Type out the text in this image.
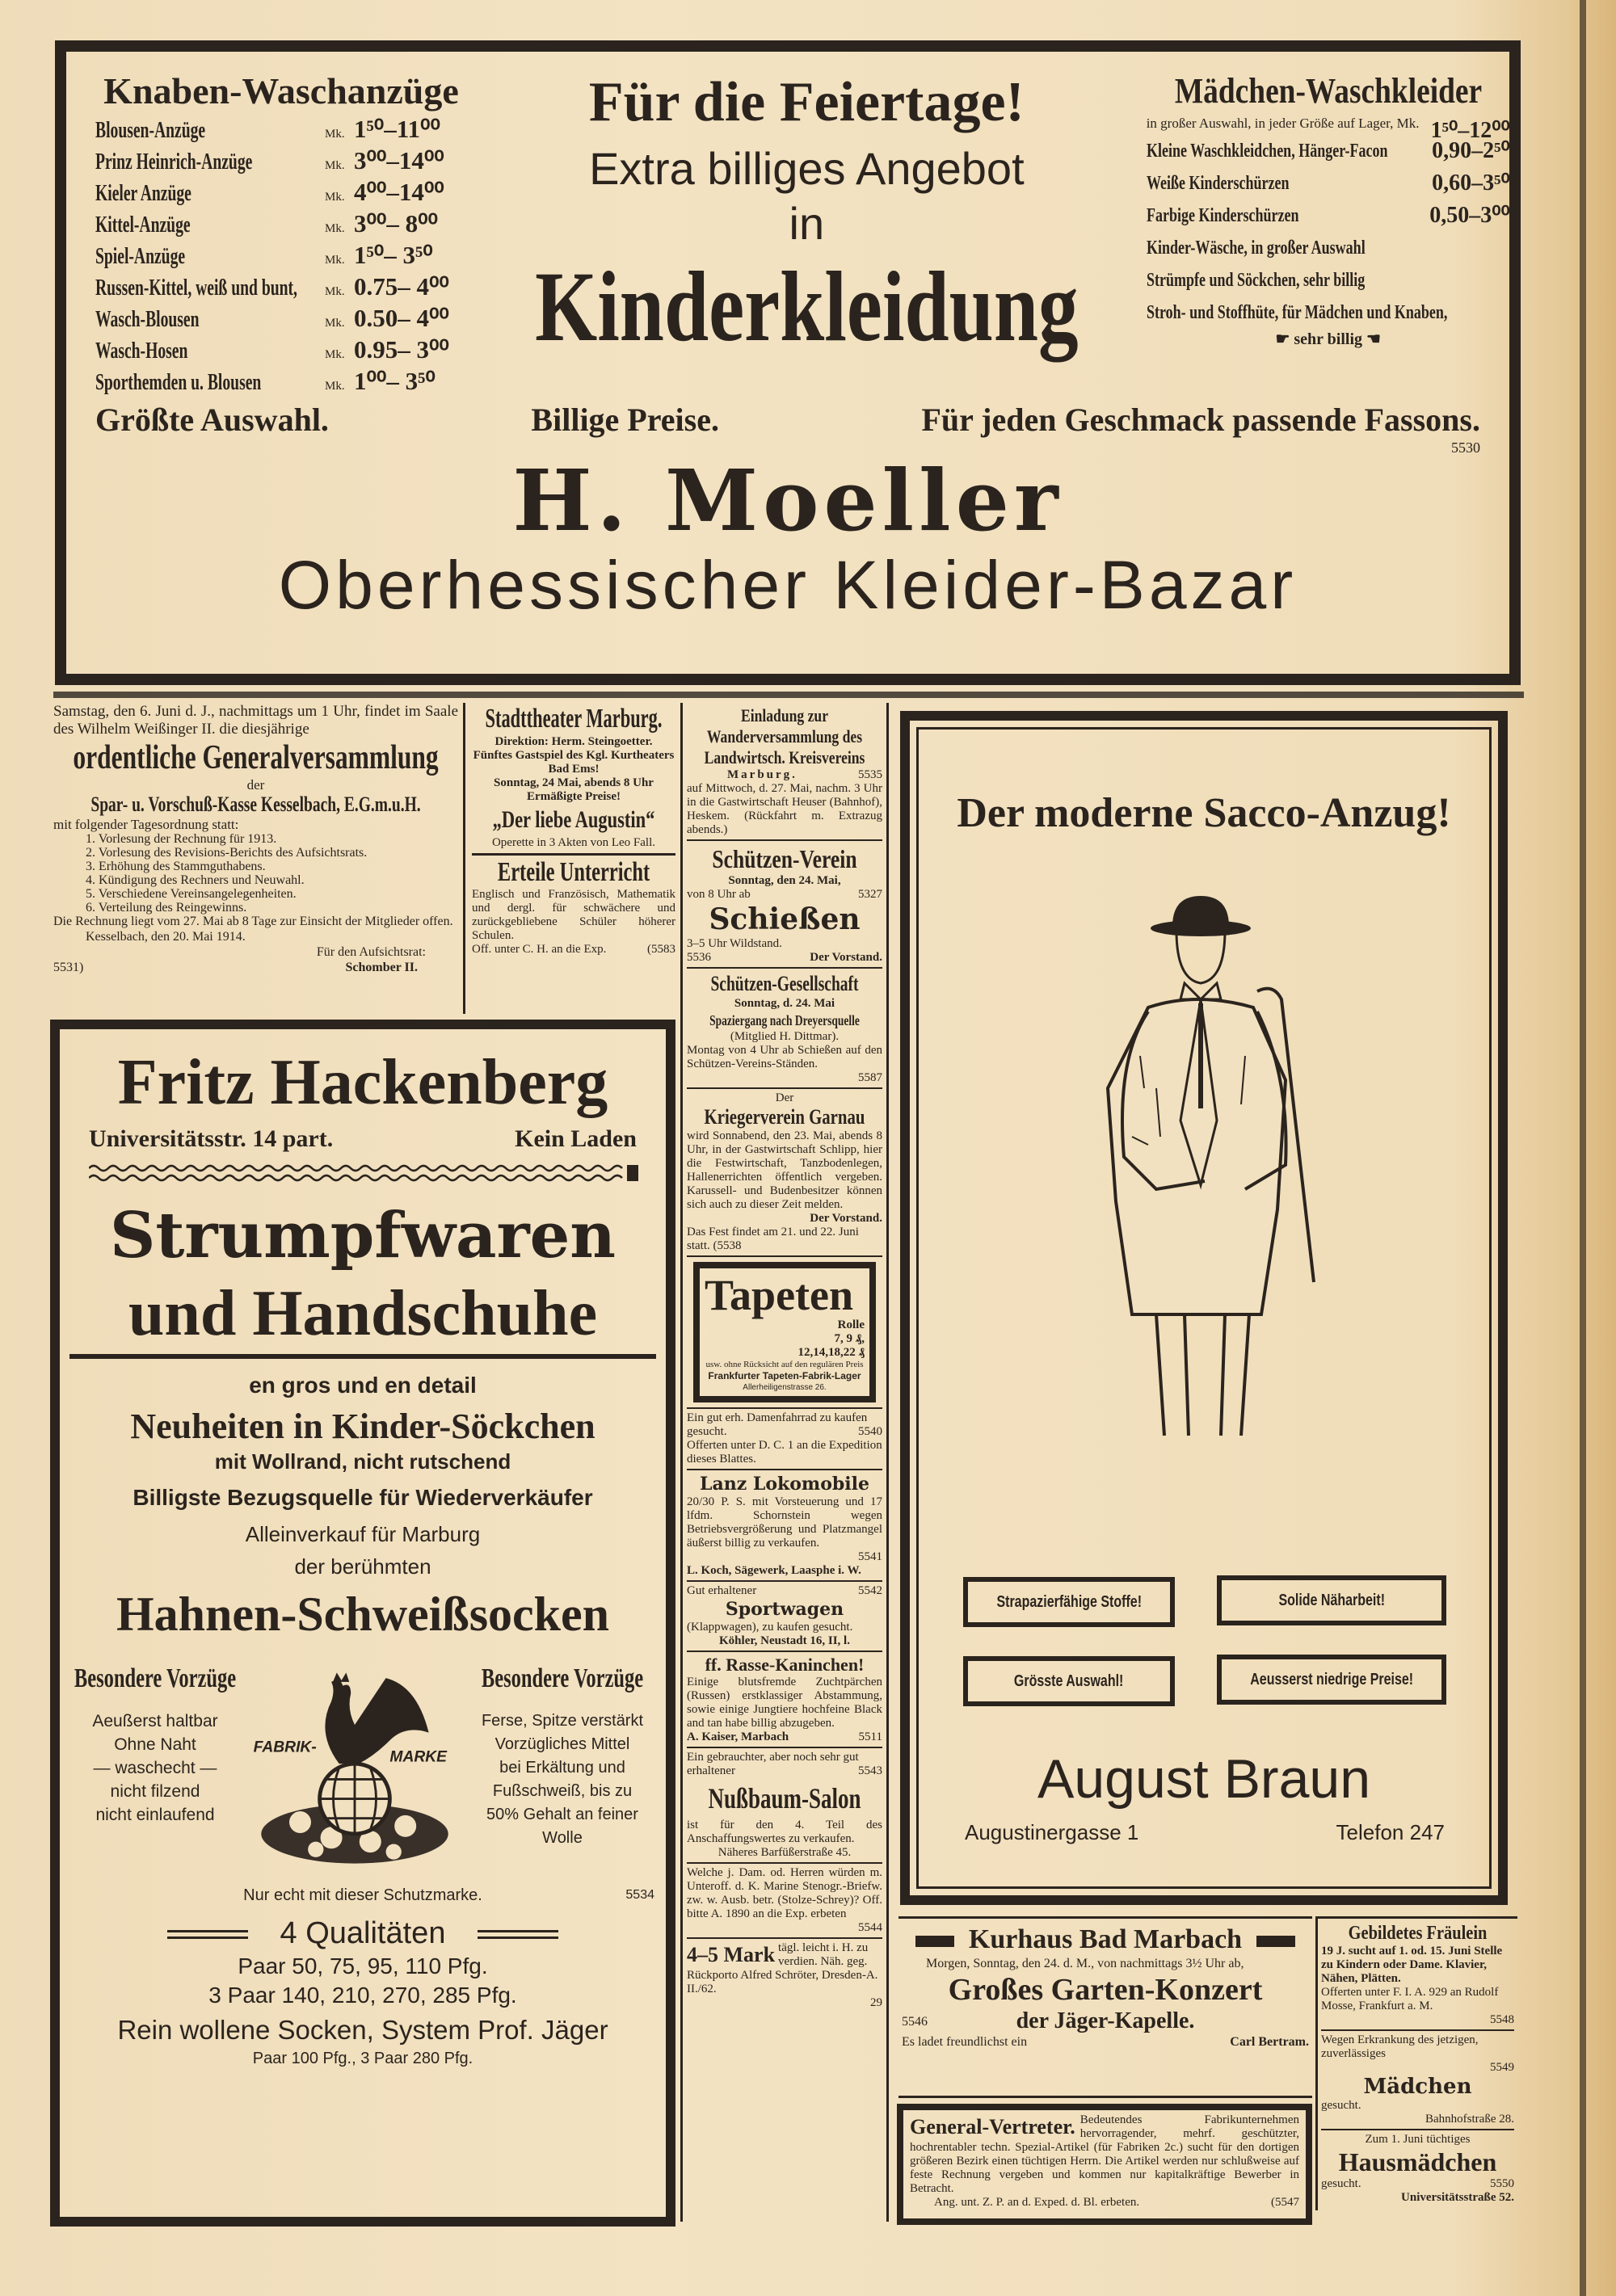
Knaben-Waschanzüge
Blousen-Anzüge	Mk. 1⁵⁰–11⁰⁰
Prinz Heinrich-Anzüge	Mk. 3⁰⁰–14⁰⁰
Kieler Anzüge	Mk. 4⁰⁰–14⁰⁰
Kittel-Anzüge	Mk. 3⁰⁰– 8⁰⁰
Spiel-Anzüge	Mk. 1⁵⁰– 3⁵⁰
Russen-Kittel, weiß und bunt,	Mk. 0.75– 4⁰⁰
Wasch-Blousen	Mk. 0.50– 4⁰⁰
Wasch-Hosen	Mk. 0.95– 3⁰⁰
Sporthemden u. Blousen	Mk. 1⁰⁰– 3⁵⁰
Für die Feiertage!
Extra billiges Angebot
in
Kinderkleidung
Mädchen-Waschkleider
in großer Auswahl, in jeder Größe auf Lager, Mk. 1⁵⁰–12⁰⁰
Kleine Waschkleidchen, Hänger-Facon 0,90–2⁵⁰
Weiße Kinderschürzen	0,60–3⁵⁰
Farbige Kinderschürzen	0,50–3⁰⁰
Kinder-Wäsche, in großer Auswahl
Strümpfe und Söckchen, sehr billig
Stroh- und Stoffhüte, für Mädchen und Knaben,
☛ sehr billig ☚
Größte Auswahl.	Billige Preise.	Für jeden Geschmack passende Fassons.
5530
H. Moeller
Oberhessischer Kleider-Bazar
Samstag, den 6. Juni d. J., nachmittags um 1 Uhr, findet im Saale des Wilhelm Weißinger II. die diesjährige
ordentliche Generalversammlung
der
Spar- u. Vorschuß-Kasse Kesselbach, E.G.m.u.H.
mit folgender Tagesordnung statt:
1. Vorlesung der Rechnung für 1913.
2. Vorlesung des Revisions-Berichts des Aufsichtsrats.
3. Erhöhung des Stammguthabens.
4. Kündigung des Rechners und Neuwahl.
5. Verschiedene Vereinsangelegenheiten.
6. Verteilung des Reingewinns.
Die Rechnung liegt vom 27. Mai ab 8 Tage zur Einsicht der Mitglieder offen.
Kesselbach, den 20. Mai 1914.
Für den Aufsichtsrat:
5531)	Schomber II.
Stadttheater Marburg.
Direktion: Herm. Steingoetter.
Fünftes Gastspiel des Kgl. Kurtheaters Bad Ems!
Sonntag, 24 Mai, abends 8 Uhr
Ermäßigte Preise!
„Der liebe Augustin“
Operette in 3 Akten von Leo Fall.
Erteile Unterricht
Englisch und Französisch, Mathematik und dergl. für schwächere und zurückgebliebene Schüler höherer Schulen.
Off. unter C. H. an die Exp.	(5583
Einladung zur Wanderversammlung des Landwirtsch. Kreisvereins
Marburg.	5535
auf Mittwoch, d. 27. Mai, nachm. 3 Uhr in die Gastwirtschaft Heuser (Bahnhof), Heskem. (Rückfahrt m. Extrazug abends.)
Schützen-Verein
Sonntag, den 24. Mai,
von 8 Uhr ab	5327
Schießen
3–5 Uhr Wildstand.
5536	Der Vorstand.
Schützen-Gesellschaft
Sonntag, d. 24. Mai
Spaziergang nach Dreyersquelle
(Mitglied H. Dittmar).
Montag von 4 Uhr ab Schießen auf den Schützen-Vereins-Ständen.
5587
Der
Kriegerverein Garnau
wird Sonnabend, den 23. Mai, abends 8 Uhr, in der Gastwirtschaft Schlipp, hier die Festwirtschaft, Tanzbodenlegen, Hallenerrichten öffentlich vergeben. Karussell- und Budenbesitzer können sich auch zu dieser Zeit melden.
Der Vorstand.
Das Fest findet am 21. und 22. Juni statt. (5538
Tapeten
Rolle
7, 9 ₰,
12,14,18,22 ₰
usw. ohne Rücksicht auf den regulären Preis
Frankfurter Tapeten-Fabrik-Lager
Allerheiligenstrasse 26.
Ein gut erh. Damenfahrrad zu kaufen gesucht.	5540
Offerten unter D. C. 1 an die Expedition dieses Blattes.
Lanz Lokomobile
20/30 P. S. mit Vorsteuerung und 17 lfdm. Schornstein wegen Betriebsvergrößerung und Platzmangel äußerst billig zu verkaufen.
5541
L. Koch, Sägewerk, Laasphe i. W.
Gut erhaltener	5542
Sportwagen
(Klappwagen), zu kaufen gesucht.
Köhler, Neustadt 16, II, l.
ff. Rasse-Kaninchen!
Einige blutsfremde Zuchtpärchen (Russen) erstklassiger Abstammung, sowie einige Jungtiere hochfeine Black and tan habe billig abzugeben.
A. Kaiser, Marbach	5511
Ein gebrauchter, aber noch sehr gut erhaltener	5543
Nußbaum-Salon
ist für den 4. Teil des Anschaffungswertes zu verkaufen.
Näheres Barfüßerstraße 45.
Welche j. Dam. od. Herren würden m. Unteroff. d. K. Marine Stenogr.-Briefw. zw. w. Ausb. betr. (Stolze-Schrey)? Off. bitte A. 1890 an die Exp. erbeten
5544
4–5 Mark tägl. leicht i. H. zu verdien. Näh. geg. Rückporto Alfred Schröter, Dresden-A. II./62.
29
Fritz Hackenberg
Universitätsstr. 14 part.	Kein Laden
Strumpfwaren
und Handschuhe
en gros und en detail
Neuheiten in Kinder-Söckchen
mit Wollrand, nicht rutschend
Billigste Bezugsquelle für Wiederverkäufer
Alleinverkauf für Marburg
der berühmten
Hahnen-Schweißsocken
Besondere Vorzüge
Aeußerst haltbar
Ohne Naht
— waschecht —
nicht filzend
nicht einlaufend
FABRIK-
MARKE
Besondere Vorzüge
Ferse, Spitze verstärkt
Vorzügliches Mittel
bei Erkältung und
Fußschweiß, bis zu
50% Gehalt an feiner
Wolle
Nur echt mit dieser Schutzmarke.	5534
4 Qualitäten
Paar 50, 75, 95, 110 Pfg.
3 Paar 140, 210, 270, 285 Pfg.
Rein wollene Socken, System Prof. Jäger
Paar 100 Pfg., 3 Paar 280 Pfg.
Der moderne Sacco-Anzug!
Strapazierfähige Stoffe!	Solide Näharbeit!
Grösste Auswahl!	Aeusserst niedrige Preise!
August Braun
Augustinergasse 1	Telefon 247
Kurhaus Bad Marbach
Morgen, Sonntag, den 24. d. M., von nachmittags 3½ Uhr ab,
Großes Garten-Konzert
5546	der Jäger-Kapelle.
Es ladet freundlichst ein	Carl Bertram.
General-Vertreter. Bedeutendes Fabrikunternehmen hervorragender, mehrf. geschützter, hochrentabler techn. Spezial-Artikel (für Fabriken 2c.) sucht für den dortigen größeren Bezirk einen tüchtigen Herrn. Die Artikel werden nur schlußweise auf feste Rechnung vergeben und kommen nur kapitalkräftige Bewerber in Betracht.
Ang. unt. Z. P. an d. Exped. d. Bl. erbeten.	(5547
Gebildetes Fräulein
19 J. sucht auf 1. od. 15. Juni Stelle zu Kindern oder Dame. Klavier, Nähen, Plätten.
Offerten unter F. I. A. 929 an Rudolf Mosse, Frankfurt a. M.
5548
Wegen Erkrankung des jetzigen, zuverlässiges
5549
Mädchen
gesucht.
Bahnhofstraße 28.
Zum 1. Juni tüchtiges
Hausmädchen
gesucht.	5550
Universitätsstraße 52.
